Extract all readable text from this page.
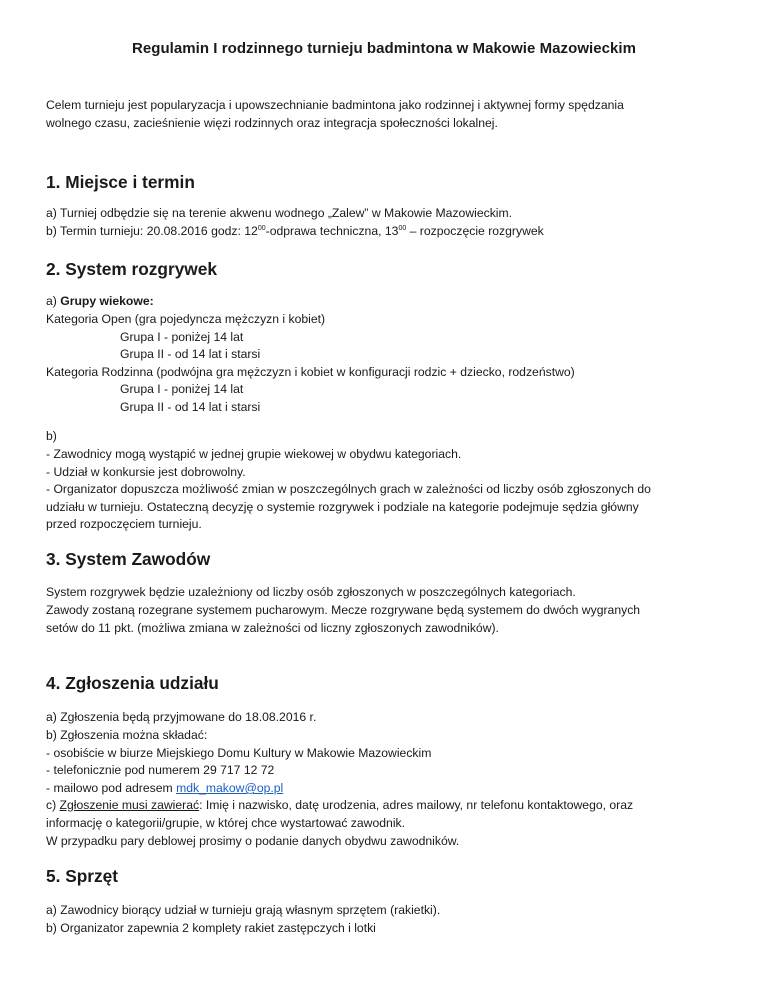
Regulamin I rodzinnego turnieju badmintona w Makowie Mazowieckim
Celem turnieju jest popularyzacja i upowszechnianie badmintona jako rodzinnej i aktywnej formy spędzania
wolnego czasu, zacieśnienie więzi rodzinnych oraz integracja społeczności lokalnej.
1. Miejsce i termin
a) Turniej odbędzie się na terenie akwenu wodnego „Zalew” w Makowie Mazowieckim.
b) Termin turnieju: 20.08.2016 godz: $12^{00}$-odprawa techniczna, $13^{00}$ – rozpoczęcie rozgrywek
2. System rozgrywek
a) Grupy wiekowe:
Kategoria Open (gra pojedyncza mężczyzn i kobiet)
Grupa I - poniżej 14 lat
Grupa II - od 14 lat i starsi
Kategoria Rodzinna (podwójna gra mężczyzn i kobiet w konfiguracji rodzic + dziecko, rodzeństwo)
Grupa I - poniżej 14 lat
Grupa II - od 14 lat i starsi
b)
- Zawodnicy mogą wystąpić w jednej grupie wiekowej w obydwu kategoriach.
- Udział w konkursie jest dobrowolny.
- Organizator dopuszcza możliwość zmian w poszczególnych grach w zależności od liczby osób zgłoszonych do
udziału w turnieju. Ostateczną decyzję o systemie rozgrywek i podziale na kategorie podejmuje sędzia główny
przed rozpoczęciem turnieju.
3. System Zawodów
System rozgrywek będzie uzależniony od liczby osób zgłoszonych w poszczególnych kategoriach.
Zawody zostaną rozegrane systemem pucharowym. Mecze rozgrywane będą systemem do dwóch wygranych
setów do 11 pkt. (możliwa zmiana w zależności od liczny zgłoszonych zawodników).
4. Zgłoszenia udziału
a) Zgłoszenia będą przyjmowane do 18.08.2016 r.
b) Zgłoszenia można składać:
- osobiście w biurze Miejskiego Domu Kultury w Makowie Mazowieckim
- telefonicznie pod numerem 29 717 12 72
- mailowo pod adresem mdk_makow@op.pl
c) Zgłoszenie musi zawierać: Imię i nazwisko, datę urodzenia, adres mailowy, nr telefonu kontaktowego, oraz
informację o kategorii/grupie, w której chce wystartować zawodnik.
W przypadku pary deblowej prosimy o podanie danych obydwu zawodników.
5. Sprzęt
a) Zawodnicy biorący udział w turnieju grają własnym sprzętem (rakietki).
b) Organizator zapewnia 2 komplety rakiet zastępczych i lotki
